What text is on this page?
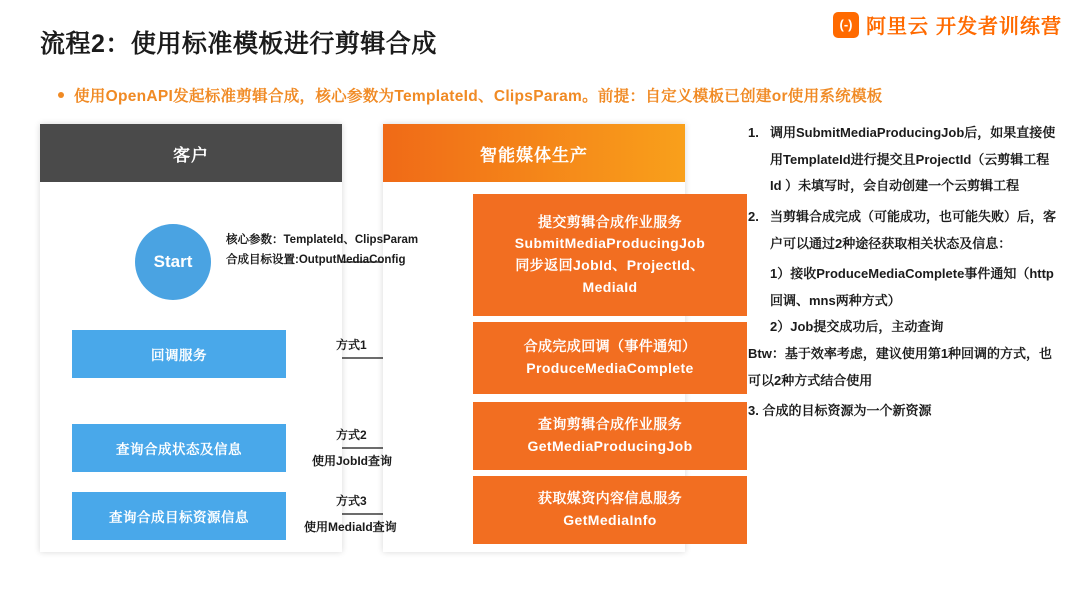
(-) 阿里云 开发者训练营
流程2：使用标准模板进行剪辑合成
使用OpenAPI发起标准剪辑合成，核心参数为TemplateId、ClipsParam。前提：自定义模板已创建or使用系统模板
客户
Start
回调服务
查询合成状态及信息
查询合成目标资源信息
智能媒体生产
提交剪辑合成作业服务
SubmitMediaProducingJob
同步返回JobId、ProjectId、
MediaId
合成完成回调（事件通知）
ProduceMediaComplete
查询剪辑合成作业服务
GetMediaProducingJob
获取媒资内容信息服务
GetMediaInfo
核心参数：TemplateId、ClipsParam
合成目标设置:OutputMediaConfig
方式1
方式2
使用JobId查询
方式3
使用MediaId查询
1. 调用SubmitMediaProducingJob后，如果直接使用TemplateId进行提交且ProjectId（云剪辑工程Id ）未填写时，会自动创建一个云剪辑工程
2. 当剪辑合成完成（可能成功，也可能失败）后，客户可以通过2种途径获取相关状态及信息：
1）接收ProduceMediaComplete事件通知（http回调、mns两种方式）
2）Job提交成功后，主动查询
Btw：基于效率考虑，建议使用第1种回调的方式，也可以2种方式结合使用
3. 合成的目标资源为一个新资源
